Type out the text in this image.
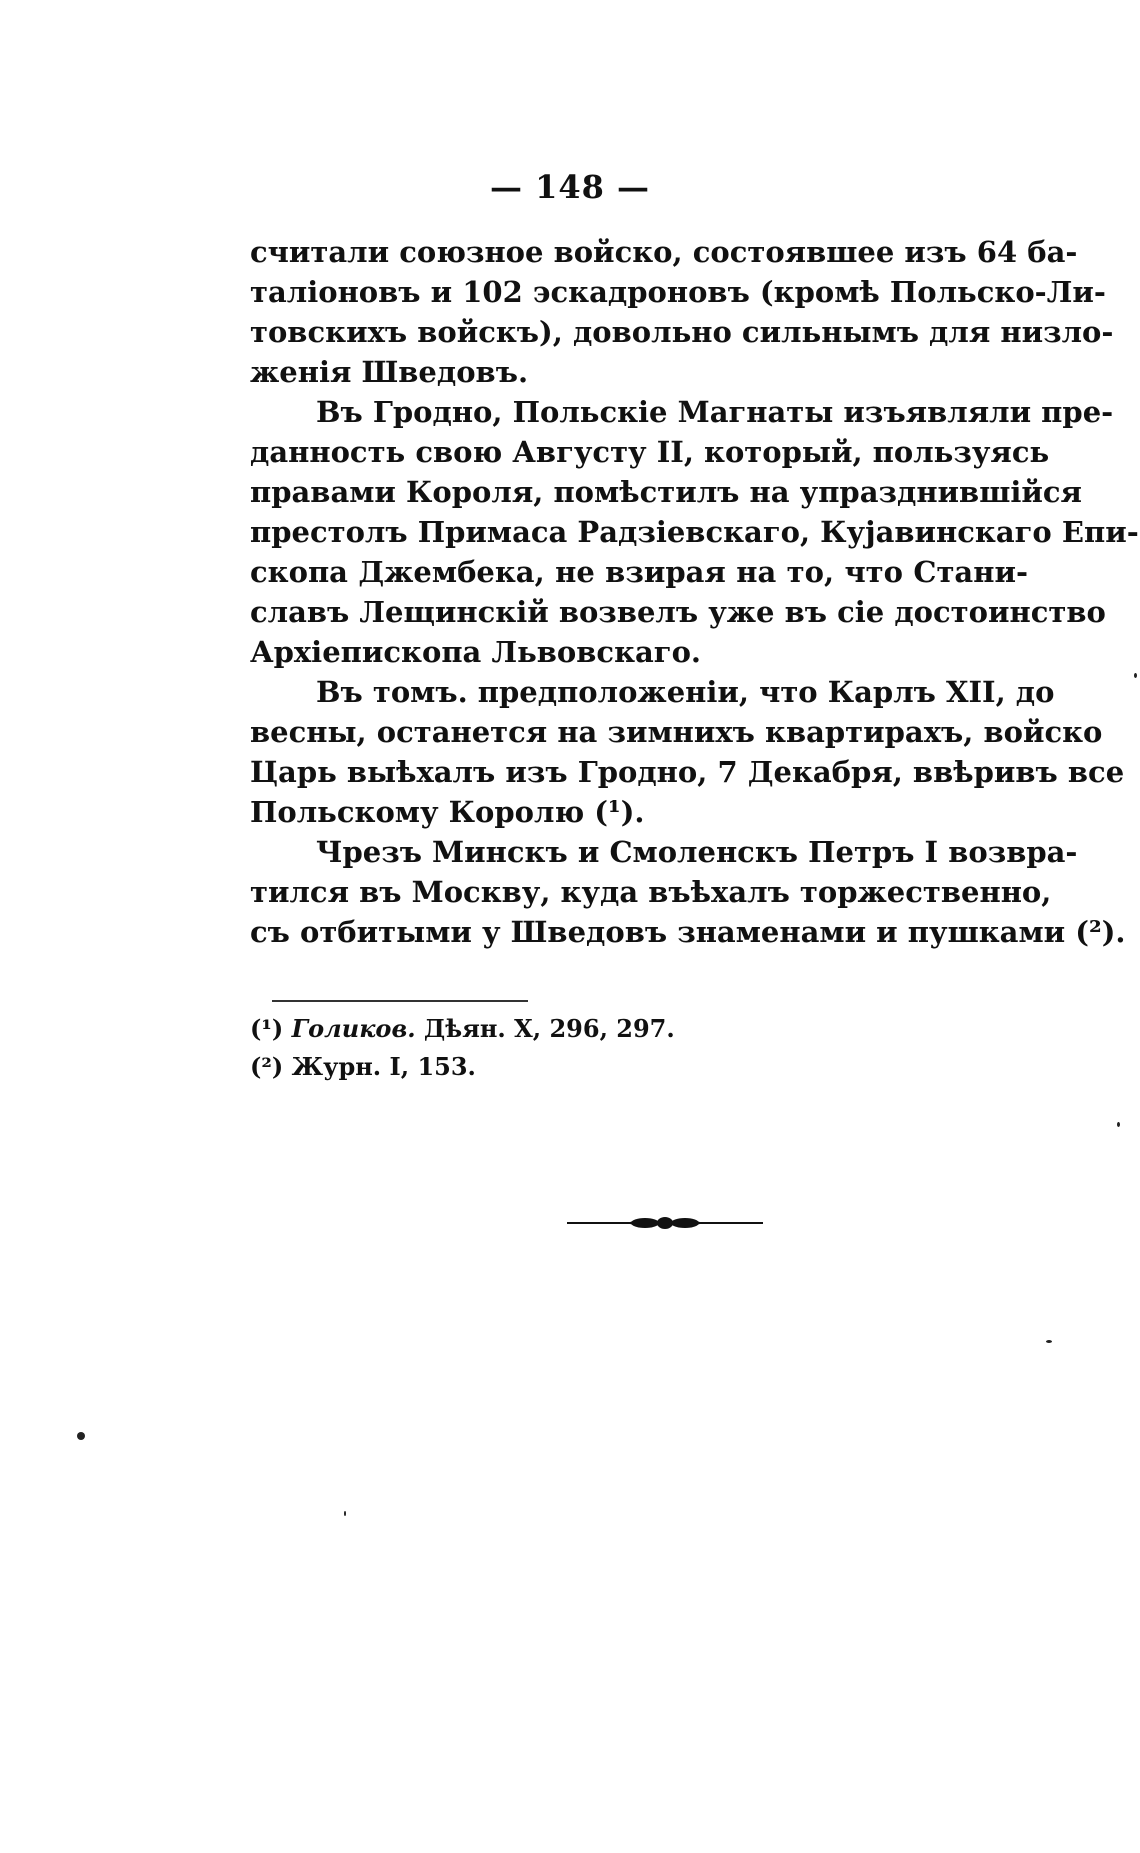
— 148 —
считали союзное войско, состоявшее изъ 64 ба-
таліоновъ и 102 эскадроновъ (кромѣ Польско-Ли-
товскихъ войскъ), довольно сильнымъ для низло-
женія Шведовъ.
Въ Гродно, Польскіе Магнаты изъявляли пре-
данность свою Августу II, который, пользуясь
правами Короля, помѣстилъ на упразднившійся
престолъ Примаса Радзіевскаго, Кујавинскаго Епи-
скопа Джембека, не взирая на то, что Стани-
славъ Лещинскій возвелъ уже въ сіе достоинство
Архіепископа Львовскаго.
Въ томъ. предположеніи, что Карлъ XII, до
весны, останется на зимнихъ квартирахъ, войско
Царь выѣхалъ изъ Гродно, 7 Декабря, ввѣривъ все
Польскому Королю (¹).
Чрезъ Минскъ и Смоленскъ Петръ I возвра-
тился въ Москву, куда въѣхалъ торжественно,
съ отбитыми у Шведовъ знаменами и пушками (²).
(¹) Голиков. Дѣян. X, 296, 297.
(²) Журн. I, 153.
